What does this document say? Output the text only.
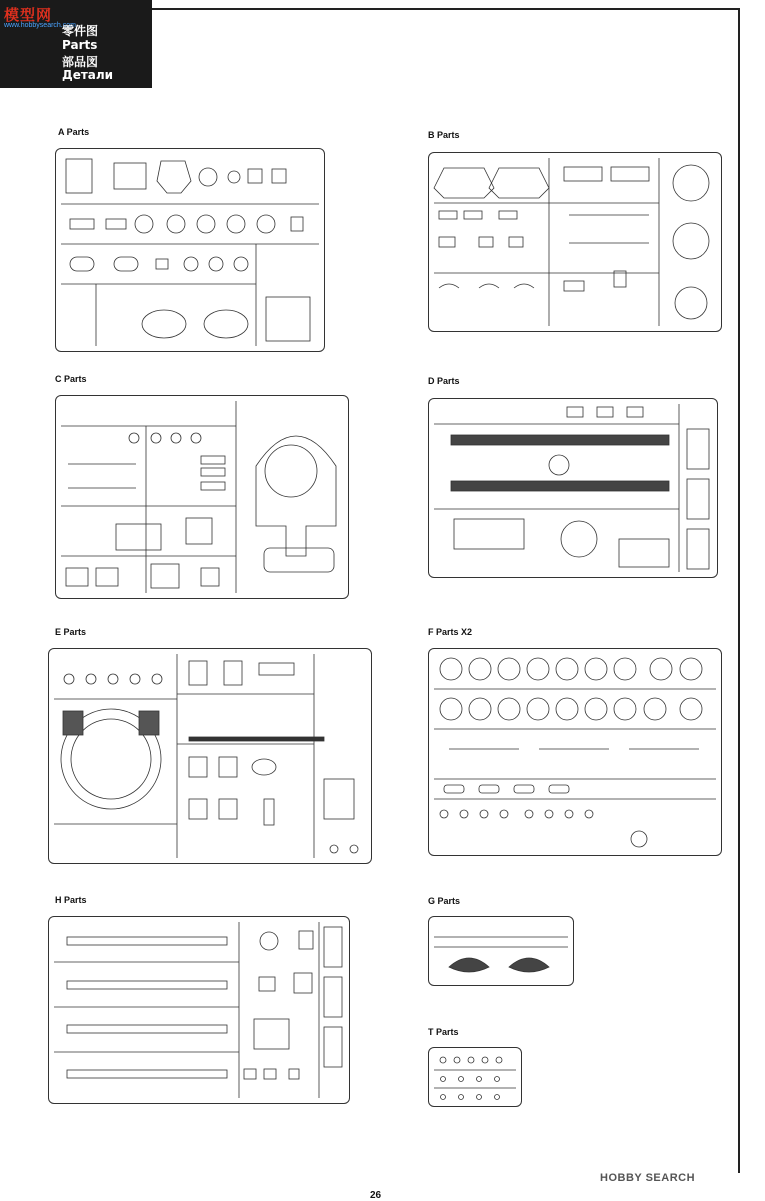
模型网
www.hobbysearch.com
零件图
Parts
部品図
Детали
A Parts	B Parts
C Parts	D Parts
E Parts	F Parts X2
H Parts	G Parts
T Parts
HOBBY SEARCH
26
